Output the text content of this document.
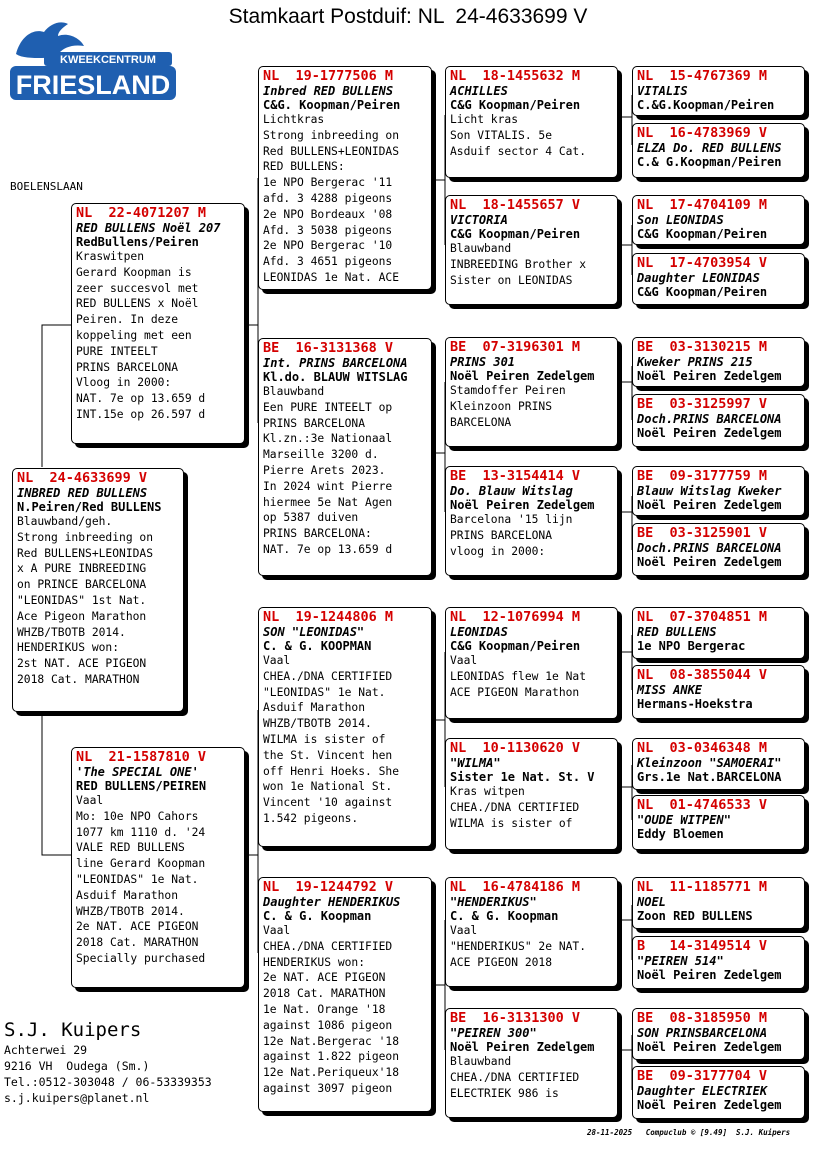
Stamkaart Postduif: NL  24-4633699 V
KWEEKCENTRUM
FRIESLAND
BOELENSLAAN
NL  24-4633699 V
INBRED RED BULLENS
N.Peiren/Red BULLENS
Blauwband/geh.
Strong inbreeding on
Red BULLENS+LEONIDAS
x A PURE INBREEDING
on PRINCE BARCELONA
"LEONIDAS" 1st Nat.
Ace Pigeon Marathon
WHZB/TBOTB 2014.
HENDERIKUS won:
2st NAT. ACE PIGEON
2018 Cat. MARATHON
NL  22-4071207 M
RED BULLENS Noël 207
RedBullens/Peiren
Kraswitpen
Gerard Koopman is
zeer succesvol met
RED BULLENS x Noël
Peiren. In deze
koppeling met een
PURE INTEELT
PRINS BARCELONA
Vloog in 2000:
NAT. 7e op 13.659 d
INT.15e op 26.597 d
NL  21-1587810 V
'The SPECIAL ONE'
RED BULLENS/PEIREN
Vaal
Mo: 10e NPO Cahors
1077 km 1110 d. '24
VALE RED BULLENS
line Gerard Koopman
"LEONIDAS" 1e Nat.
Asduif Marathon
WHZB/TBOTB 2014.
2e NAT. ACE PIGEON
2018 Cat. MARATHON
Specially purchased
NL  19-1777506 M
Inbred RED BULLENS
C&G. Koopman/Peiren
Lichtkras
Strong inbreeding on
Red BULLENS+LEONIDAS
RED BULLENS:
1e NPO Bergerac '11
afd. 3 4288 pigeons
2e NPO Bordeaux '08
Afd. 3 5038 pigeons
2e NPO Bergerac '10
Afd. 3 4651 pigeons
LEONIDAS 1e Nat. ACE
BE  16-3131368 V
Int. PRINS BARCELONA
Kl.do. BLAUW WITSLAG
Blauwband
Een PURE INTEELT op
PRINS BARCELONA
Kl.zn.:3e Nationaal
Marseille 3200 d.
Pierre Arets 2023.
In 2024 wint Pierre
hiermee 5e Nat Agen
op 5387 duiven
PRINS BARCELONA:
NAT. 7e op 13.659 d
NL  19-1244806 M
SON "LEONIDAS"
C. & G. KOOPMAN
Vaal
CHEA./DNA CERTIFIED
"LEONIDAS" 1e Nat.
Asduif Marathon
WHZB/TBOTB 2014.
WILMA is sister of
the St. Vincent hen
off Henri Hoeks. She
won 1e National St.
Vincent '10 against
1.542 pigeons.
NL  19-1244792 V
Daughter HENDERIKUS
C. & G. Koopman
Vaal
CHEA./DNA CERTIFIED
HENDERIKUS won:
2e NAT. ACE PIGEON
2018 Cat. MARATHON
1e Nat. Orange '18
against 1086 pigeon
12e Nat.Bergerac '18
against 1.822 pigeon
12e Nat.Periqueux'18
against 3097 pigeon
NL  18-1455632 M
ACHILLES
C&G Koopman/Peiren
Licht kras
Son VITALIS. 5e
Asduif sector 4 Cat.
NL  18-1455657 V
VICTORIA
C&G Koopman/Peiren
Blauwband
INBREEDING Brother x
Sister on LEONIDAS
BE  07-3196301 M
PRINS 301
Noël Peiren Zedelgem
Stamdoffer Peiren
Kleinzoon PRINS
BARCELONA
BE  13-3154414 V
Do. Blauw Witslag
Noël Peiren Zedelgem
Barcelona '15 lijn
PRINS BARCELONA
vloog in 2000:
NL  12-1076994 M
LEONIDAS
C&G Koopman/Peiren
Vaal
LEONIDAS flew 1e Nat
ACE PIGEON Marathon
NL  10-1130620 V
"WILMA"
Sister 1e Nat. St. V
Kras witpen
CHEA./DNA CERTIFIED
WILMA is sister of
NL  16-4784186 M
"HENDERIKUS"
C. & G. Koopman
Vaal
"HENDERIKUS" 2e NAT.
ACE PIGEON 2018
BE  16-3131300 V
"PEIREN 300"
Noël Peiren Zedelgem
Blauwband
CHEA./DNA CERTIFIED
ELECTRIEK 986 is
NL  15-4767369 M
VITALIS
C.&G.Koopman/Peiren
NL  16-4783969 V
ELZA Do. RED BULLENS
C.& G.Koopman/Peiren
NL  17-4704109 M
Son LEONIDAS
C&G Koopman/Peiren
NL  17-4703954 V
Daughter LEONIDAS
C&G Koopman/Peiren
BE  03-3130215 M
Kweker PRINS 215
Noël Peiren Zedelgem
BE  03-3125997 V
Doch.PRINS BARCELONA
Noël Peiren Zedelgem
BE  09-3177759 M
Blauw Witslag Kweker
Noël Peiren Zedelgem
BE  03-3125901 V
Doch.PRINS BARCELONA
Noël Peiren Zedelgem
NL  07-3704851 M
RED BULLENS
1e NPO Bergerac
NL  08-3855044 V
MISS ANKE
Hermans-Hoekstra
NL  03-0346348 M
Kleinzoon "SAMOERAI"
Grs.1e Nat.BARCELONA
NL  01-4746533 V
"OUDE WITPEN"
Eddy Bloemen
NL  11-1185771 M
NOEL
Zoon RED BULLENS
B   14-3149514 V
"PEIREN 514"
Noël Peiren Zedelgem
BE  08-3185950 M
SON PRINSBARCELONA
Noël Peiren Zedelgem
BE  09-3177704 V
Daughter ELECTRIEK
Noël Peiren Zedelgem
S.J. Kuipers
Achterwei 29
9216 VH  Oudega (Sm.)
Tel.:0512-303048 / 06-53339353
s.j.kuipers@planet.nl
28-11-2025   Compuclub © [9.49]  S.J. Kuipers
